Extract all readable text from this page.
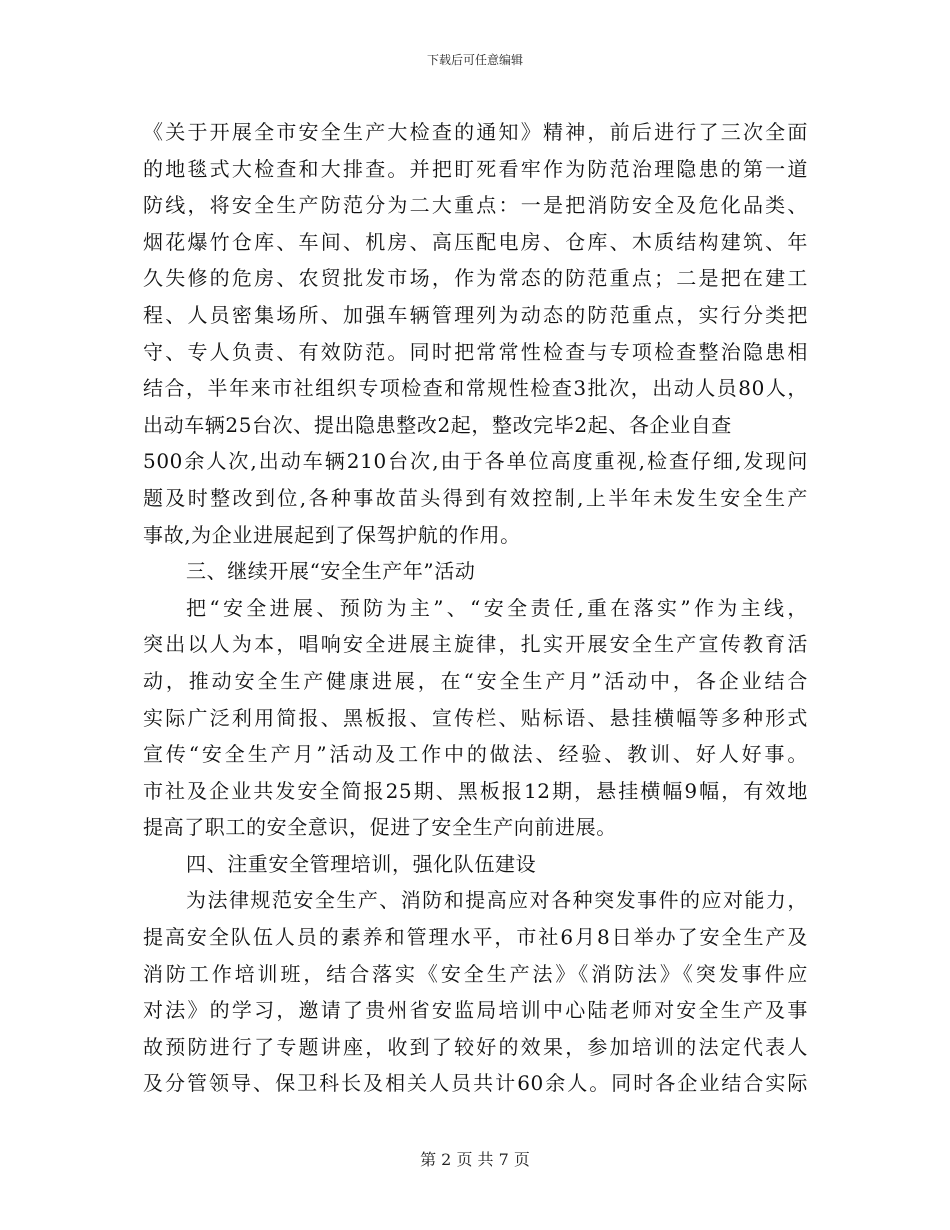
下载后可任意编辑
《关于开展全市安全生产大检查的通知》精神，前后进行了三次全面
的地毯式大检查和大排查。并把盯死看牢作为防范治理隐患的第一道
防线，将安全生产防范分为二大重点：一是把消防安全及危化品类、
烟花爆竹仓库、车间、机房、高压配电房、仓库、木质结构建筑、年
久失修的危房、农贸批发市场，作为常态的防范重点；二是把在建工
程、人员密集场所、加强车辆管理列为动态的防范重点，实行分类把
守、专人负责、有效防范。同时把常常性检查与专项检查整治隐患相
结合，半年来市社组织专项检查和常规性检查3批次，出动人员80人，
出动车辆25台次、提出隐患整改2起，整改完毕2起、各企业自查
500余人次,出动车辆210台次,由于各单位高度重视,检查仔细,发现问
题及时整改到位,各种事故苗头得到有效控制,上半年未发生安全生产
事故,为企业进展起到了保驾护航的作用。
三、继续开展“安全生产年”活动
把“安全进展、预防为主”、“安全责任,重在落实”作为主线，
突出以人为本，唱响安全进展主旋律，扎实开展安全生产宣传教育活
动，推动安全生产健康进展，在“安全生产月”活动中，各企业结合
实际广泛利用简报、黑板报、宣传栏、贴标语、悬挂横幅等多种形式
宣传“安全生产月”活动及工作中的做法、经验、教训、好人好事。
市社及企业共发安全简报25期、黑板报12期，悬挂横幅9幅，有效地
提高了职工的安全意识，促进了安全生产向前进展。
四、注重安全管理培训，强化队伍建设
为法律规范安全生产、消防和提高应对各种突发事件的应对能力，
提高安全队伍人员的素养和管理水平，市社6月8日举办了安全生产及
消防工作培训班，结合落实《安全生产法》《消防法》《突发事件应
对法》的学习，邀请了贵州省安监局培训中心陆老师对安全生产及事
故预防进行了专题讲座，收到了较好的效果，参加培训的法定代表人
及分管领导、保卫科长及相关人员共计60余人。同时各企业结合实际
第 2 页 共 7 页
